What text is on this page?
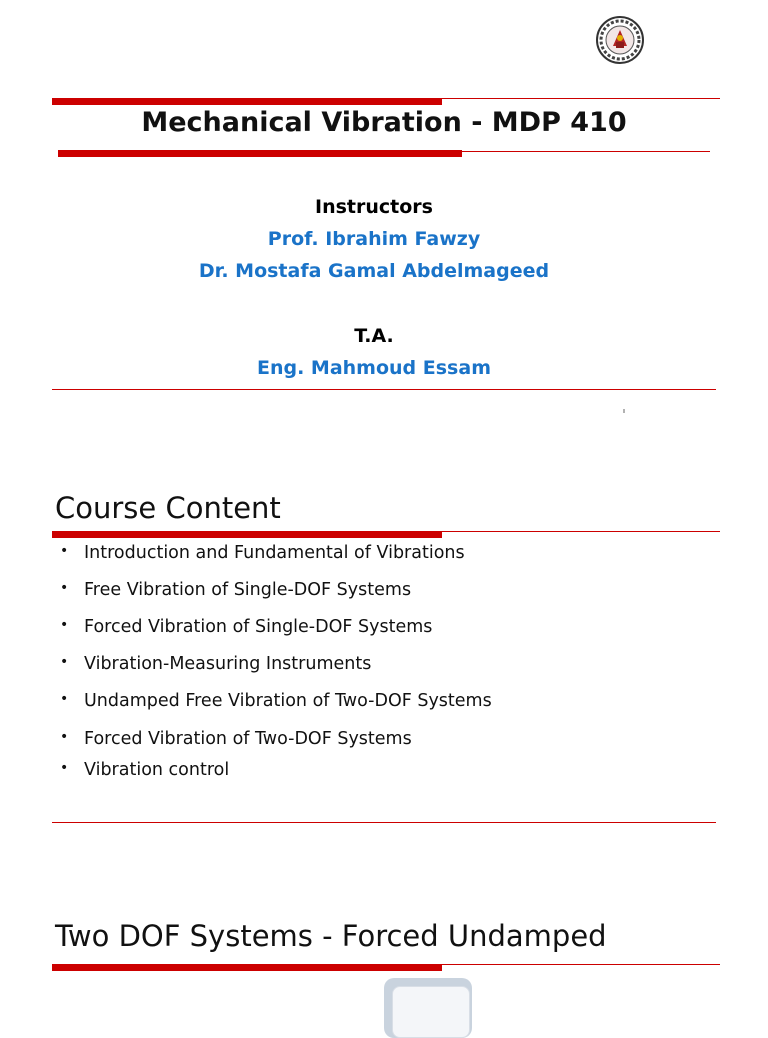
Mechanical Vibration - MDP 410
Instructors
Prof. Ibrahim Fawzy
Dr. Mostafa Gamal Abdelmageed
T.A.
Eng. Mahmoud Essam
Course Content
• Introduction and Fundamental of Vibrations
• Free Vibration of Single-DOF Systems
• Forced Vibration of Single-DOF Systems
• Vibration-Measuring Instruments
• Undamped Free Vibration of Two-DOF Systems
• Forced Vibration of Two-DOF Systems
• Vibration control
Two DOF Systems - Forced Undamped
